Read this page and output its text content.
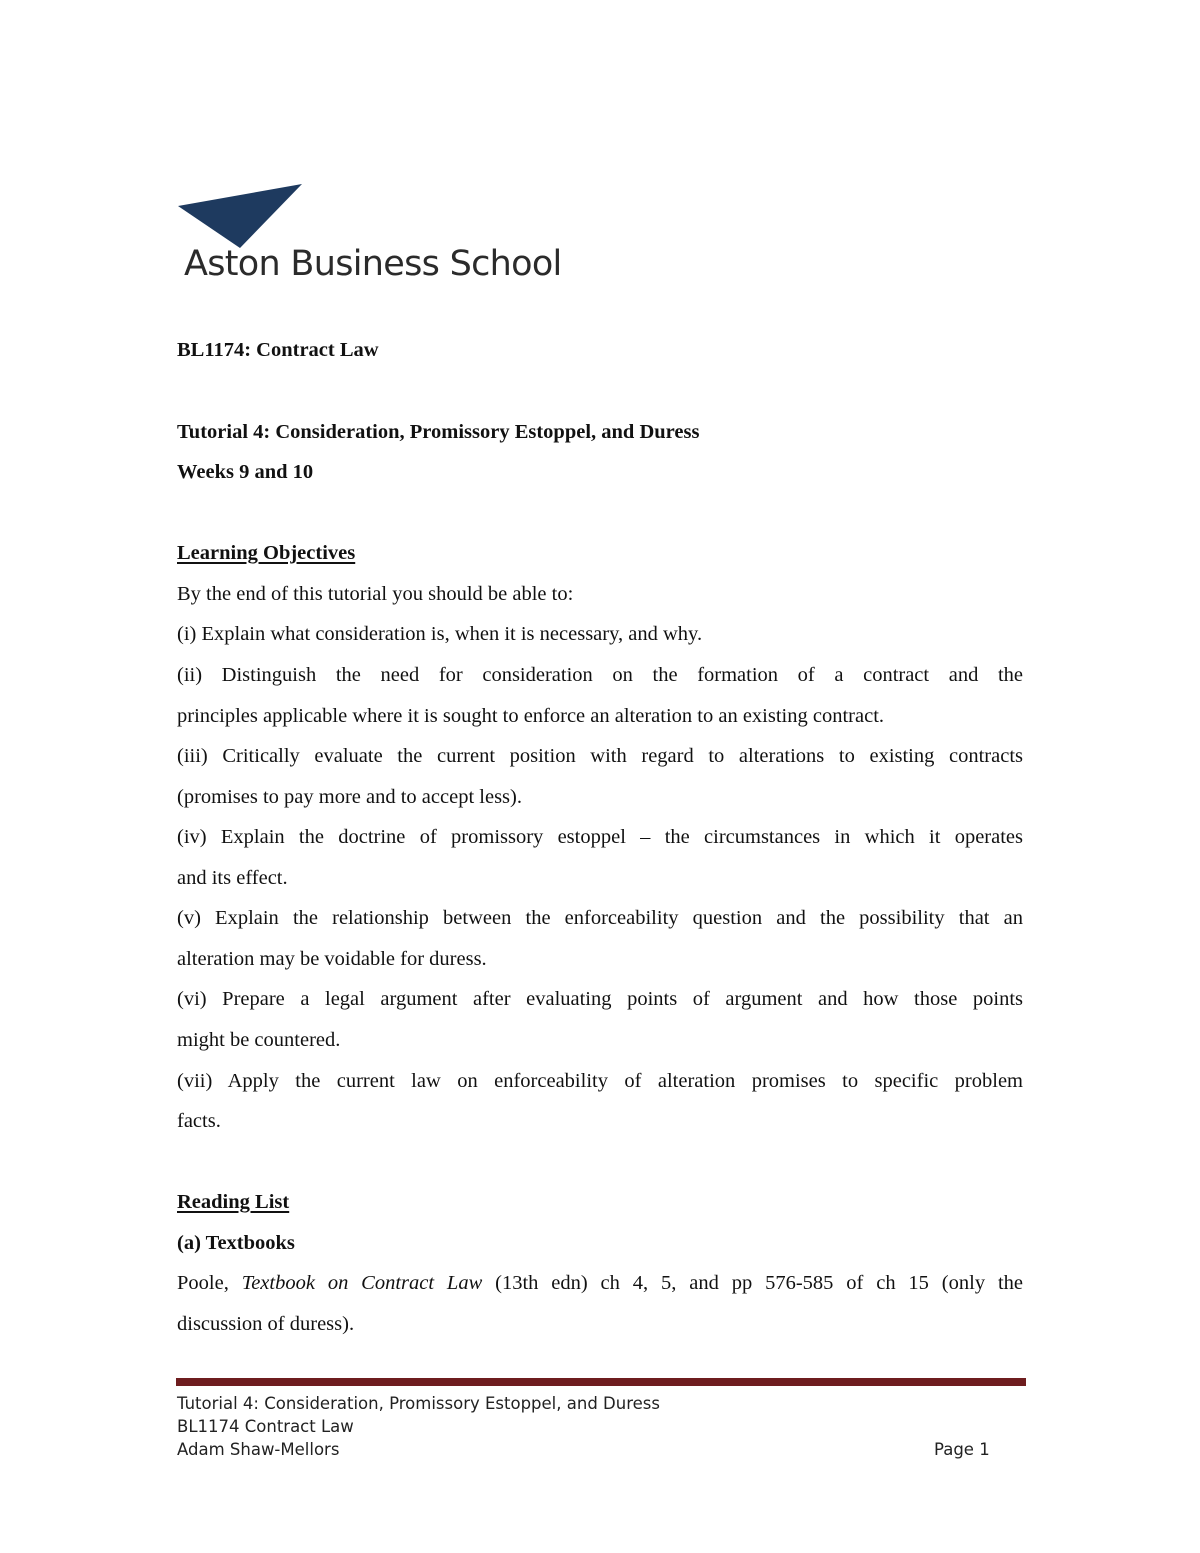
Aston Business School
BL1174: Contract Law
Tutorial 4: Consideration, Promissory Estoppel, and Duress
Weeks 9 and 10
Learning Objectives
By the end of this tutorial you should be able to:
(i) Explain what consideration is, when it is necessary, and why.
(ii) Distinguish the need for consideration on the formation of a contract and the
principles applicable where it is sought to enforce an alteration to an existing contract.
(iii) Critically evaluate the current position with regard to alterations to existing contracts
(promises to pay more and to accept less).
(iv) Explain the doctrine of promissory estoppel – the circumstances in which it operates
and its effect.
(v) Explain the relationship between the enforceability question and the possibility that an
alteration may be voidable for duress.
(vi) Prepare a legal argument after evaluating points of argument and how those points
might be countered.
(vii) Apply the current law on enforceability of alteration promises to specific problem
facts.
Reading List
(a) Textbooks
Poole, Textbook on Contract Law (13th edn) ch 4, 5, and pp 576-585 of ch 15 (only the
discussion of duress).
Tutorial 4: Consideration, Promissory Estoppel, and Duress
BL1174 Contract Law
Adam Shaw-Mellors	Page 1
